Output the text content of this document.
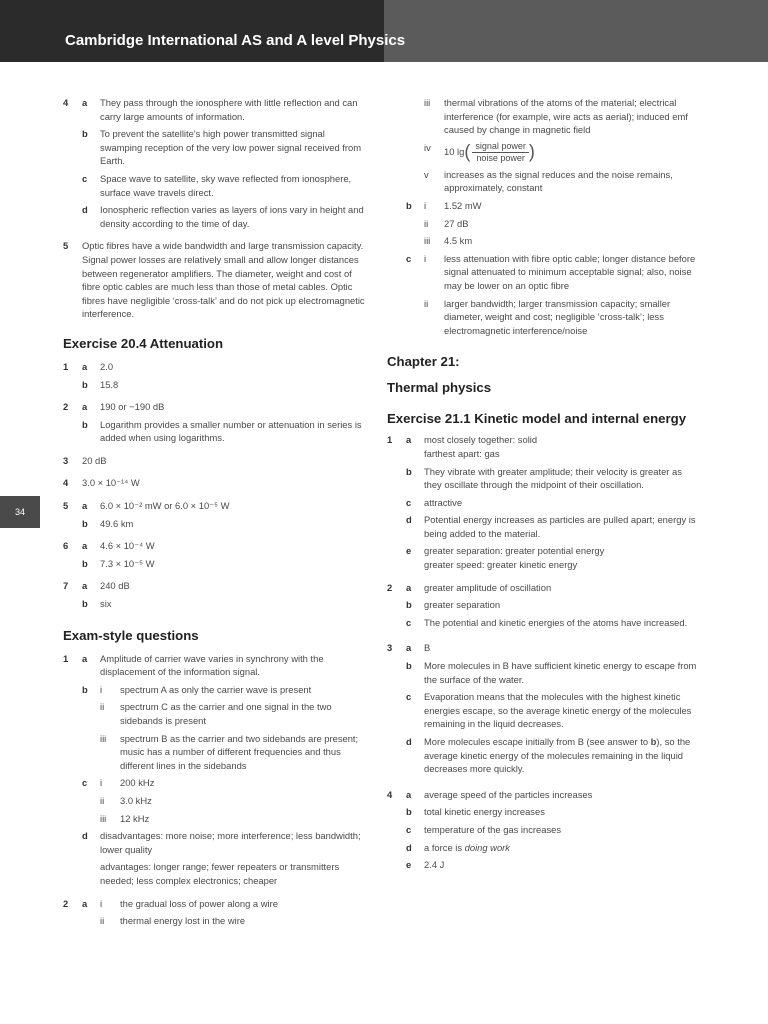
Cambridge International AS and A level Physics
34
4 a They pass through the ionosphere with little reflection and can carry large amounts of information.
b To prevent the satellite's high power transmitted signal swamping reception of the very low power signal received from Earth.
c Space wave to satellite, sky wave reflected from ionosphere, surface wave travels direct.
d Ionospheric reflection varies as layers of ions vary in height and density according to the time of day.
5 Optic fibres have a wide bandwidth and large transmission capacity. Signal power losses are relatively small and allow longer distances between regenerator amplifiers. The diameter, weight and cost of fibre optic cables are much less than those of metal cables. Optic fibres have negligible ‘cross-talk’ and do not pick up electromagnetic interference.
Exercise 20.4 Attenuation
1 a 2.0
b 15.8
2 a 190 or −190 dB
b Logarithm provides a smaller number or attenuation in series is added when using logarithms.
3 20 dB
4 3.0 × 10⁻¹⁴ W
5 a 6.0 × 10⁻² mW or 6.0 × 10⁻⁵ W
b 49.6 km
6 a 4.6 × 10⁻⁴ W
b 7.3 × 10⁻⁵ W
7 a 240 dB
b six
Exam-style questions
1 a Amplitude of carrier wave varies in synchrony with the displacement of the information signal.
b i spectrum A as only the carrier wave is present
ii spectrum C as the carrier and one signal in the two sidebands is present
iii spectrum B as the carrier and two sidebands are present; music has a number of different frequencies and thus different lines in the sidebands
c i 200 kHz
ii 3.0 kHz
iii 12 kHz
d disadvantages: more noise; more interference; less bandwidth; lower quality
advantages: longer range; fewer repeaters or transmitters needed; less complex electronics; cheaper
2 a i the gradual loss of power along a wire
ii thermal energy lost in the wire
iii thermal vibrations of the atoms of the material; electrical interference (for example, wire acts as aerial); induced emf caused by change in magnetic field
iv 10 $\lg( \frac{\text{signal power}}{\text{noise power}}$ )
v increases as the signal reduces and the noise remains, approximately, constant
b i 1.52 mW
ii 27 dB
iii 4.5 km
c i less attenuation with fibre optic cable; longer distance before signal attenuated to minimum acceptable signal; also, noise may be lower on an optic fibre
ii larger bandwidth; larger transmission capacity; smaller diameter, weight and cost; negligible ‘cross-talk’; less electromagnetic interference/noise
Chapter 21:
Thermal physics
Exercise 21.1 Kinetic model and internal energy
1 a most closely together: solid
farthest apart: gas
b They vibrate with greater amplitude; their velocity is greater as they oscillate through the midpoint of their oscillation.
c attractive
d Potential energy increases as particles are pulled apart; energy is being added to the material.
e greater separation: greater potential energy
greater speed: greater kinetic energy
2 a greater amplitude of oscillation
b greater separation
c The potential and kinetic energies of the atoms have increased.
3 a B
b More molecules in B have sufficient kinetic energy to escape from the surface of the water.
c Evaporation means that the molecules with the highest kinetic energies escape, so the average kinetic energy of the molecules remaining in the liquid decreases.
d More molecules escape initially from B (see answer to b), so the average kinetic energy of the molecules remaining in the liquid decreases more quickly.
4 a average speed of the particles increases
b total kinetic energy increases
c temperature of the gas increases
d a force is doing work
e 2.4 J
